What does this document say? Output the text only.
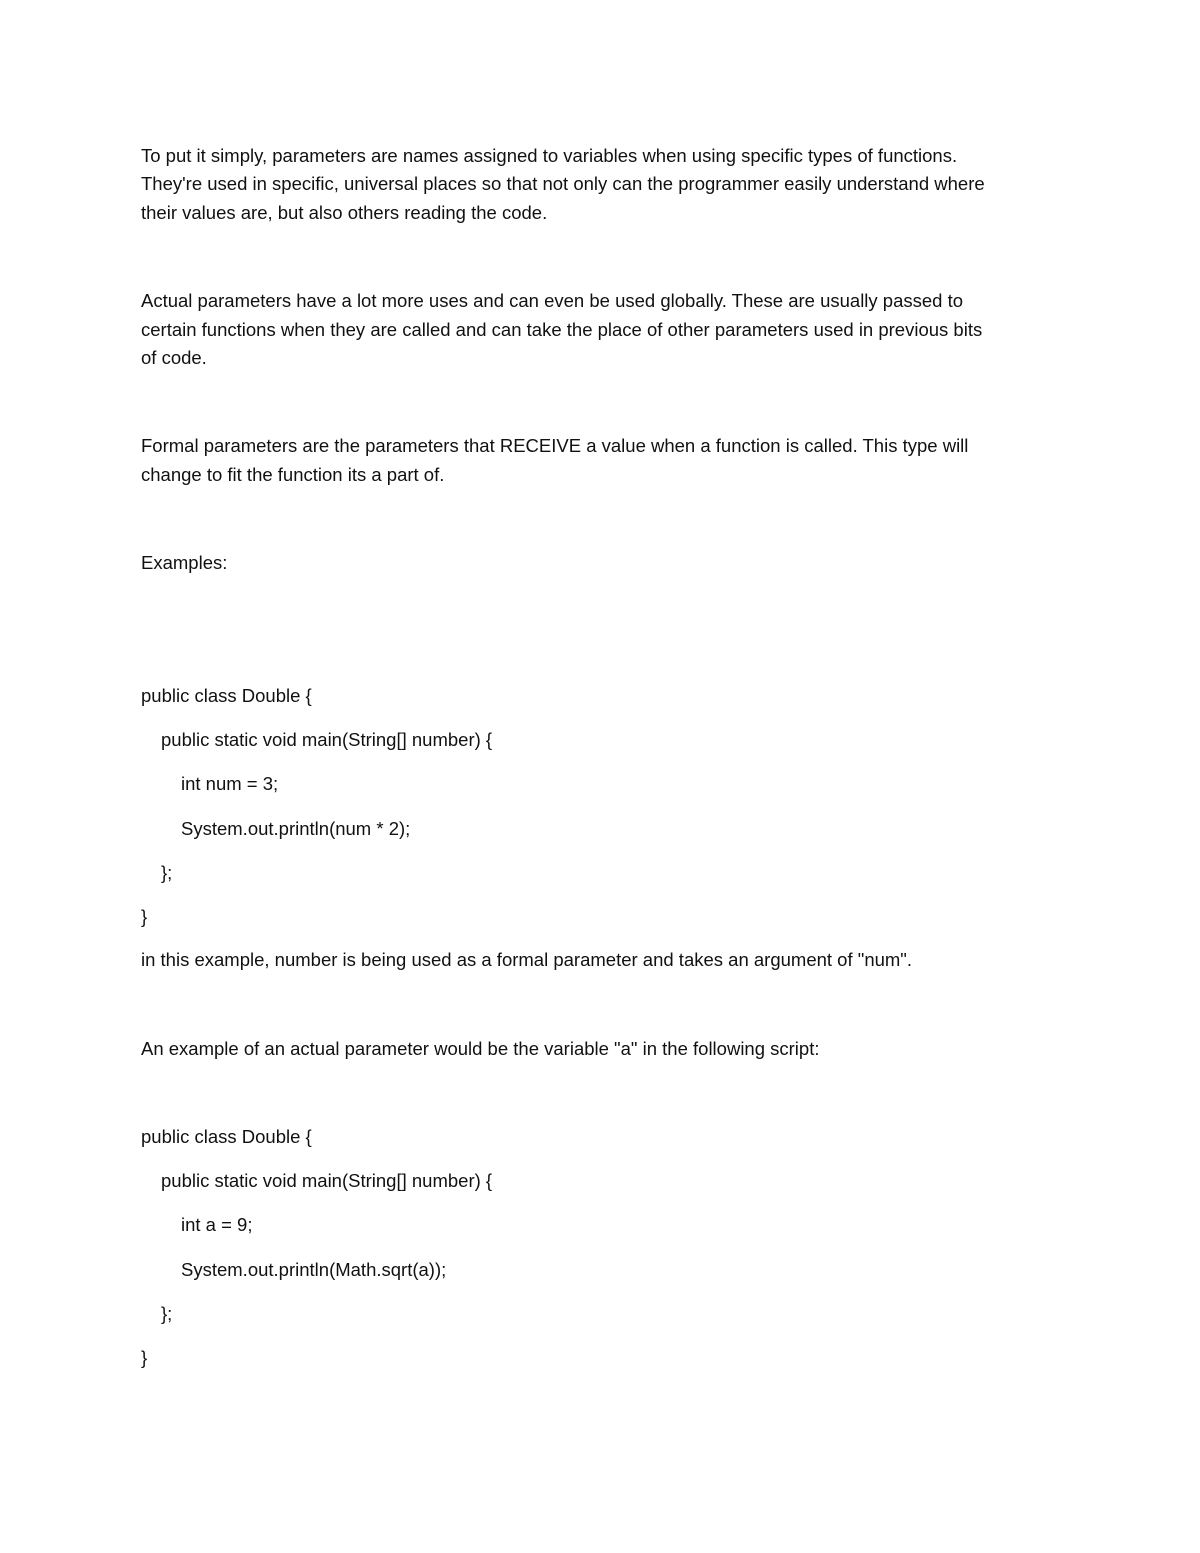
To put it simply, parameters are names assigned to variables when using specific types of functions.
They're used in specific, universal places so that not only can the programmer easily understand where
their values are, but also others reading the code.
Actual parameters have a lot more uses and can even be used globally. These are usually passed to
certain functions when they are called and can take the place of other parameters used in previous bits
of code.
Formal parameters are the parameters that RECEIVE a value when a function is called. This type will
change to fit the function its a part of.
Examples:
public class Double {
public static void main(String[] number) {
int num = 3;
System.out.println(num * 2);
};
}
in this example, number is being used as a formal parameter and takes an argument of "num".
An example of an actual parameter would be the variable "a" in the following script:
public class Double {
public static void main(String[] number) {
int a = 9;
System.out.println(Math.sqrt(a));
};
}
